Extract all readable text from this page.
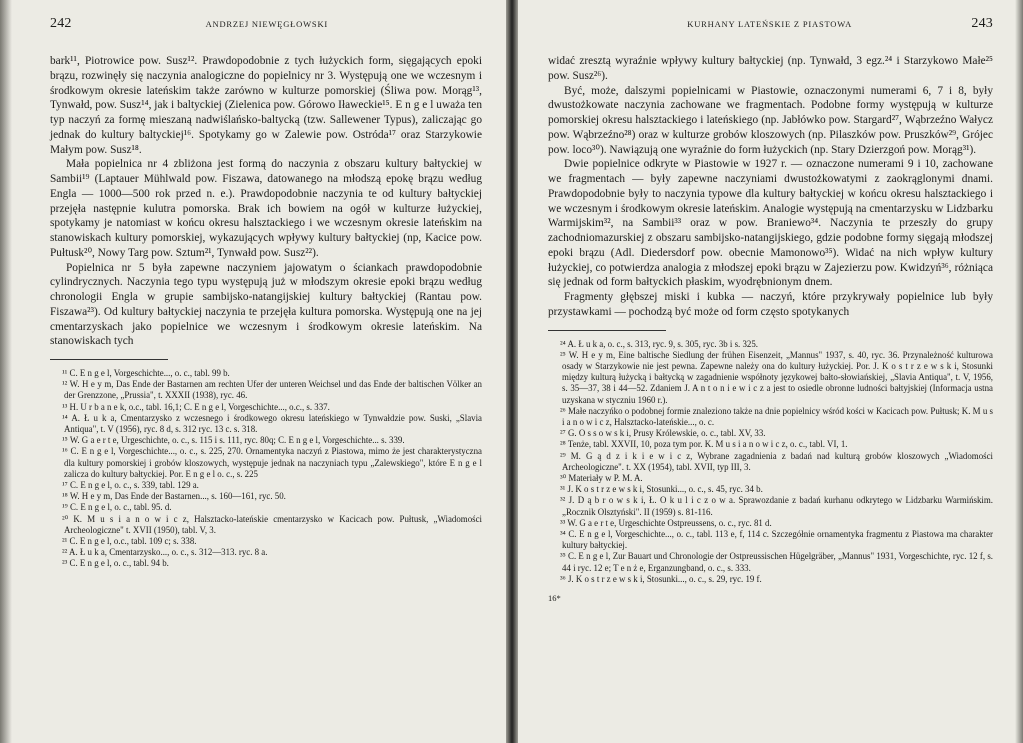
242	ANDRZEJ NIEWĘGŁOWSKI

bark¹¹, Piotrowice pow. Susz¹². Prawdopodobnie z tych łużyckich form, sięgających epoki brązu, rozwinęły się naczynia analogiczne do popielnicy nr 3. Występują one we wczesnym i środkowym okresie lateńskim także zarówno w kulturze pomorskiej (Śliwa pow. Morąg¹³, Tynwałd, pow. Susz¹⁴, jak i baltyckiej (Zielenica pow. Górowo Iławeckie¹⁵. E n g e l uważa ten typ naczyń za formę mieszaną nadwiślańsko-baltycką (tzw. Sallewener Typus), zaliczając go jednak do kultury baltyckiej¹⁶. Spotykamy go w Zalewie pow. Ostróda¹⁷ oraz Starzykowie Małym pow. Susz¹⁸.

Mała popielnica nr 4 zbliżona jest formą do naczynia z obszaru kultury bałtyckiej w Sambii¹⁹ (Laptauer Mühlwald pow. Fiszawa, datowanego na młodszą epokę brązu według Engla — 1000—500 rok przed n. e.). Prawdopodobnie naczynia te od kultury bałtyckiej przejęła następnie kulutra pomorska. Brak ich bowiem na ogół w kulturze łużyckiej, spotykamy je natomiast w końcu okresu halsztackiego i we wczesnym okresie lateńskim na stanowiskach kultury pomorskiej, wykazujących wpływy kultury bałtyckiej (np, Kacice pow. Pułtusk²⁰, Nowy Targ pow. Sztum²¹, Tynwałd pow. Susz²²).

Popielnica nr 5 była zapewne naczyniem jajowatym o ściankach prawdopodobnie cylindrycznych. Naczynia tego typu występują już w młodszym okresie epoki brązu według chronologii Engla w grupie sambijsko-natangijskiej kultury bałtyckiej (Rantau pow. Fiszawa²³). Od kultury bałtyckiej naczynia te przejęła kultura pomorska. Występują one na jej cmentarzyskach jako popielnice we wczesnym i środkowym okresie lateńskim. Na stanowiskach tych

¹¹ C. E n g e l, Vorgeschichte..., o. c., tabl. 99 b.
¹² W. H e y m, Das Ende der Bastarnen am rechten Ufer der unteren Weichsel und das Ende der baltischen Völker an der Grenzzone, „Prussia", t. XXXII (1938), ryc. 46.
¹³ H. U r b a n e k, o.c., tabl. 16,1; C. E n g e l, Vorgeschichte..., o.c., s. 337.
¹⁴ A. Ł u k a, Cmentarzysko z wczesnego i środkowego okresu lateńskiego w Tynwałdzie pow. Suski, „Slavia Antiqua", t. V (1956), ryc. 8 d, s. 312 ryc. 13 c. s. 318.
¹⁵ W. G a e r t e, Urgeschichte, o. c., s. 115 i s. 111, ryc. 80q; C. E n g e l, Vorgeschichte... s. 339.
¹⁶ C. E n g e l, Vorgeschichte..., o. c., s. 225, 270. Ornamentyka naczyń z Piastowa, mimo że jest charakterystyczna dla kultury pomorskiej i grobów kloszowych, występuje jednak na naczyniach typu „Zalewskiego", które E n g e l zalicza do kultury bałtyckiej. Por. E n g e l o. c., s. 225
¹⁷ C. E n g e l, o. c., s. 339, tabl. 129 a.
¹⁸ W. H e y m, Das Ende der Bastarnen..., s. 160—161, ryc. 50.
¹⁹ C. E n g e l, o. c., tabl. 95. d.
²⁰ K. M u s i a n o w i c z, Halsztacko-lateńskie cmentarzysko w Kacicach pow. Pułtusk, „Wiadomości Archeologiczne" t. XVII (1950), tabl. V, 3.
²¹ C. E n g e l, o.c., tabl. 109 c; s. 338.
²² A. Ł u k a, Cmentarzysko..., o. c., s. 312—313. ryc. 8 a.
²³ C. E n g e l, o. c., tabl. 94 b.
KURHANY LATEŃSKIE Z PIASTOWA	243

widać zresztą wyraźnie wpływy kultury bałtyckiej (np. Tynwałd, 3 egz.²⁴ i Starzykowo Małe²⁵ pow. Susz²⁶).

Być, może, dalszymi popielnicami w Piastowie, oznaczonymi numerami 6, 7 i 8, były dwustożkowate naczynia zachowane we fragmentach. Podobne formy występują w kulturze pomorskiej okresu halsztackiego i lateńskiego (np. Jabłówko pow. Stargard²⁷, Wąbrzeźno Wałycz pow. Wąbrzeźno²⁸) oraz w kulturze grobów kloszowych (np. Pilaszków pow. Pruszków²⁹, Grójec pow. loco³⁰). Nawiązują one wyraźnie do form łużyckich (np. Stary Dzierzgoń pow. Morąg³¹).

Dwie popielnice odkryte w Piastowie w 1927 r. — oznaczone numerami 9 i 10, zachowane we fragmentach — były zapewne naczyniami dwustożkowatymi z zaokrąglonymi dnami. Prawdopodobnie były to naczynia typowe dla kultury bałtyckiej w końcu okresu halsztackiego i we wczesnym i środkowym okresie lateńskim. Analogie występują na cmentarzysku w Lidzbarku Warmijskim³², na Sambii³³ oraz w pow. Braniewo³⁴. Naczynia te przeszły do grupy zachodniomazurskiej z obszaru sambijsko-natangijskiego, gdzie podobne formy sięgają młodszej epoki brązu (Adl. Diedersdorf pow. obecnie Mamonowo³⁵). Widać na nich wpływ kultury łużyckiej, co potwierdza analogia z młodszej epoki brązu w Zajezierzu pow. Kwidzyń³⁶, różniąca się jednak od form bałtyckich płaskim, wyodrębnionym dnem.

Fragmenty głębszej miski i kubka — naczyń, które przykrywały popielnice lub były przystawkami — pochodzą być może od form często spotykanych

²⁴ A. Ł u k a, o. c., s. 313, ryc. 9, s. 305, ryc. 3b i s. 325.
²⁵ W. H e y m, Eine baltische Siedlung der frühen Eisenzeit, „Mannus" 1937, s. 40, ryc. 36. Przynależność kulturowa osady w Starzykowie nie jest pewna. Zapewne należy ona do kultury łużyckiej. Por. J. K o s t r z e w s k i, Stosunki między kulturą łużycką i bałtycką w zagadnienie współnoty językowej bałto-słowiańskiej, „Slavia Antiqua", t. V, 1956, s. 35—37, 38 i 44—52. Zdaniem J. A n t o n i e w i c z a jest to osiedle obronne ludności bałtyjskiej (Informacja ustna uzyskana w styczniu 1960 r.).
²⁶ Małe naczyńko o podobnej formie znaleziono także na dnie popielnicy wśród kości w Kacicach pow. Pułtusk; K. M u s i a n o w i c z, Halsztacko-lateńskie..., o. c.
²⁷ G. O s s o w s k i, Prusy Królewskie, o. c., tabl. XV, 33.
²⁸ Tenże, tabl. XXVII, 10, poza tym por. K. M u s i a n o w i c z, o. c., tabl. VI, 1.
²⁹ M. G ą d z i k i e w i c z, Wybrane zagadnienia z badań nad kulturą grobów kloszowych „Wiadomości Archeologiczne". t. XX (1954), tabl. XVII, typ III, 3.
³⁰ Materiały w P. M. A.
³¹ J. K o s t r z e w s k i, Stosunki..., o. c., s. 45, ryc. 34 b.
³² J. D ą b r o w s k i, Ł. O k u l i c z o w a. Sprawozdanie z badań kurhanu odkrytego w Lidzbarku Warmińskim. „Rocznik Olsztyński". II (1959) s. 81-116.
³³ W. G a e r t e, Urgeschichte Ostpreussens, o. c., ryc. 81 d.
³⁴ C. E n g e l, Vorgeschichte..., o. c., tabl. 113 e, f, 114 c. Szczegółnie ornamentyka fragmentu z Piastowa ma charakter kultury bałtyckiej.
³⁵ C. E n g e l, Zur Bauart und Chronologie der Ostpreussischen Hügelgräber, „Mannus" 1931, Vorgeschichte, ryc. 12 f, s. 44 i ryc. 12 e; T e n ż e, Erganzungband, o. c., s. 333.
³⁶ J. K o s t r z e w s k i, Stosunki..., o. c., s. 29, ryc. 19 f.
16*
